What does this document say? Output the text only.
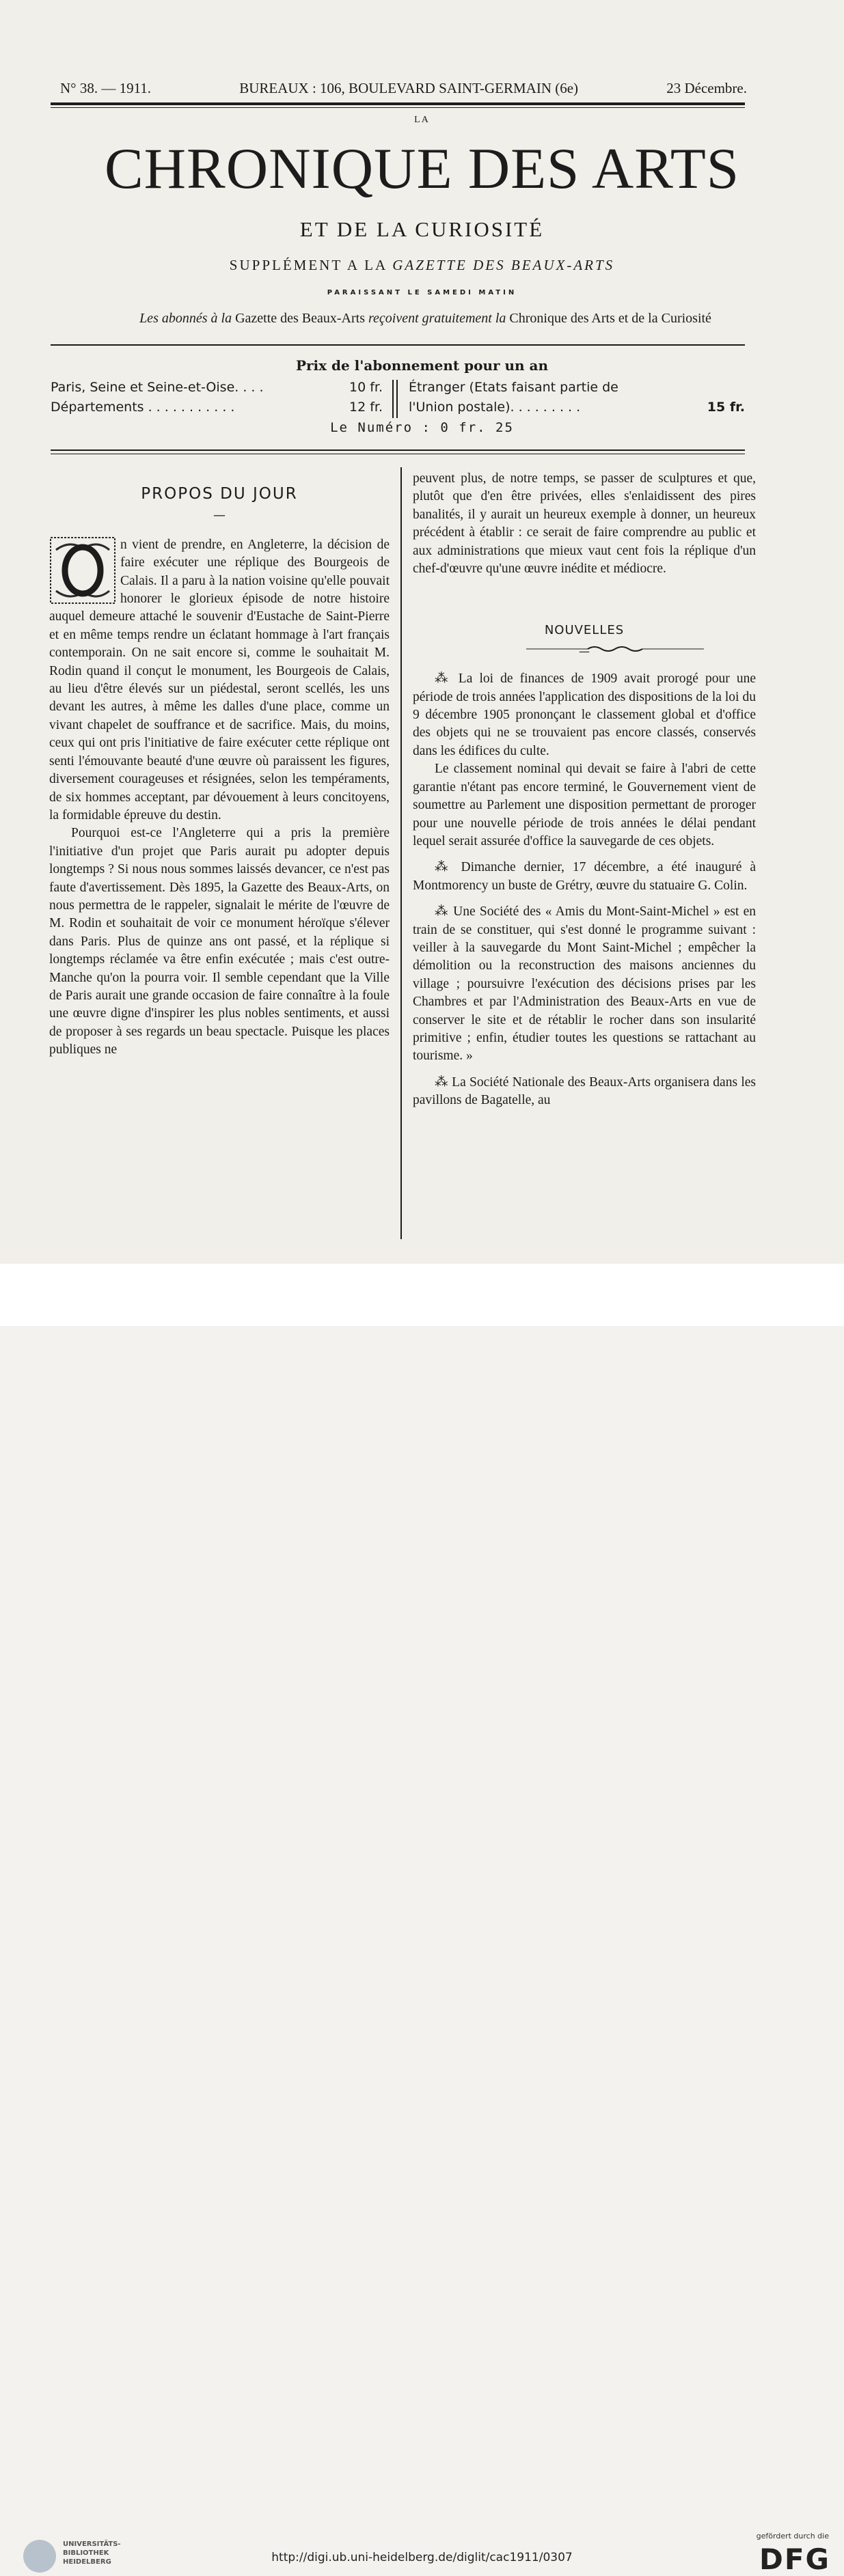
N° 38. — 1911.	BUREAUX : 106, BOULEVARD SAINT-GERMAIN (6e)	23 Décembre.
LA
CHRONIQUE DES ARTS
ET DE LA CURIOSITÉ
SUPPLÉMENT A LA GAZETTE DES BEAUX-ARTS
PARAISSANT LE SAMEDI MATIN
Les abonnés à la Gazette des Beaux-Arts reçoivent gratuitement la Chronique des Arts et de la Curiosité
Prix de l'abonnement pour un an
Paris, Seine et Seine-et-Oise. . . .	10 fr.
Départements . . . . . . . . . . .	12 fr.
Étranger (Etats faisant partie de
l'Union postale). . . . . . . . .	15 fr.
Le Numéro : 0 fr. 25
PROPOS DU JOUR
—

n vient de prendre, en Angleterre, la décision de faire exécuter une réplique des Bourgeois de Calais. Il a paru à la nation voisine qu'elle pouvait honorer le glorieux épisode de notre histoire auquel demeure attaché le souvenir d'Eustache de Saint-Pierre et en même temps rendre un éclatant hommage à l'art français contemporain. On ne sait encore si, comme le souhaitait M. Rodin quand il conçut le monument, les Bourgeois de Calais, au lieu d'être élevés sur un piédestal, seront scellés, les uns devant les autres, à même les dalles d'une place, comme un vivant chapelet de souffrance et de sacrifice. Mais, du moins, ceux qui ont pris l'initiative de faire exécuter cette réplique ont senti l'émouvante beauté d'une œuvre où paraissent les figures, diversement courageuses et résignées, selon les tempéraments, de six hommes acceptant, par dévouement à leurs concitoyens, la formidable épreuve du destin.

Pourquoi est-ce l'Angleterre qui a pris la première l'initiative d'un projet que Paris aurait pu adopter depuis longtemps ? Si nous nous sommes laissés devancer, ce n'est pas faute d'avertissement. Dès 1895, la Gazette des Beaux-Arts, on nous permettra de le rappeler, signalait le mérite de l'œuvre de M. Rodin et souhaitait de voir ce monument héroïque s'élever dans Paris. Plus de quinze ans ont passé, et la réplique si longtemps réclamée va être enfin exécutée ; mais c'est outre-Manche qu'on la pourra voir. Il semble cependant que la Ville de Paris aurait une grande occasion de faire connaître à la foule une œuvre digne d'inspirer les plus nobles sentiments, et aussi de proposer à ses regards un beau spectacle. Puisque les places publiques ne

peuvent plus, de notre temps, se passer de sculptures et que, plutôt que d'en être privées, elles s'enlaidissent des pires banalités, il y aurait un heureux exemple à donner, un heureux précédent à établir : ce serait de faire comprendre au public et aux administrations que mieux vaut cent fois la réplique d'un chef-d'œuvre qu'une œuvre inédite et médiocre.

NOUVELLES
—

⁂ La loi de finances de 1909 avait prorogé pour une période de trois années l'application des dispositions de la loi du 9 décembre 1905 prononçant le classement global et d'office des objets qui ne se trouvaient pas encore classés, conservés dans les édifices du culte.

Le classement nominal qui devait se faire à l'abri de cette garantie n'étant pas encore terminé, le Gouvernement vient de soumettre au Parlement une disposition permettant de proroger pour une nouvelle période de trois années le délai pendant lequel serait assurée d'office la sauvegarde de ces objets.

⁂ Dimanche dernier, 17 décembre, a été inauguré à Montmorency un buste de Grétry, œuvre du statuaire G. Colin.

⁂ Une Société des « Amis du Mont-Saint-Michel » est en train de se constituer, qui s'est donné le programme suivant : veiller à la sauvegarde du Mont Saint-Michel ; empêcher la démolition ou la reconstruction des maisons anciennes du village ; poursuivre l'exécution des décisions prises par les Chambres et par l'Administration des Beaux-Arts en vue de conserver le site et de rétablir le rocher dans son insularité primitive ; enfin, étudier toutes les questions se rattachant au tourisme. »

⁂ La Société Nationale des Beaux-Arts organisera dans les pavillons de Bagatelle, au

UNIVERSITÄTS-
BIBLIOTHEK
HEIDELBERG	http://digi.ub.uni-heidelberg.de/diglit/cac1911/0307
gefördert durch die
DFG
